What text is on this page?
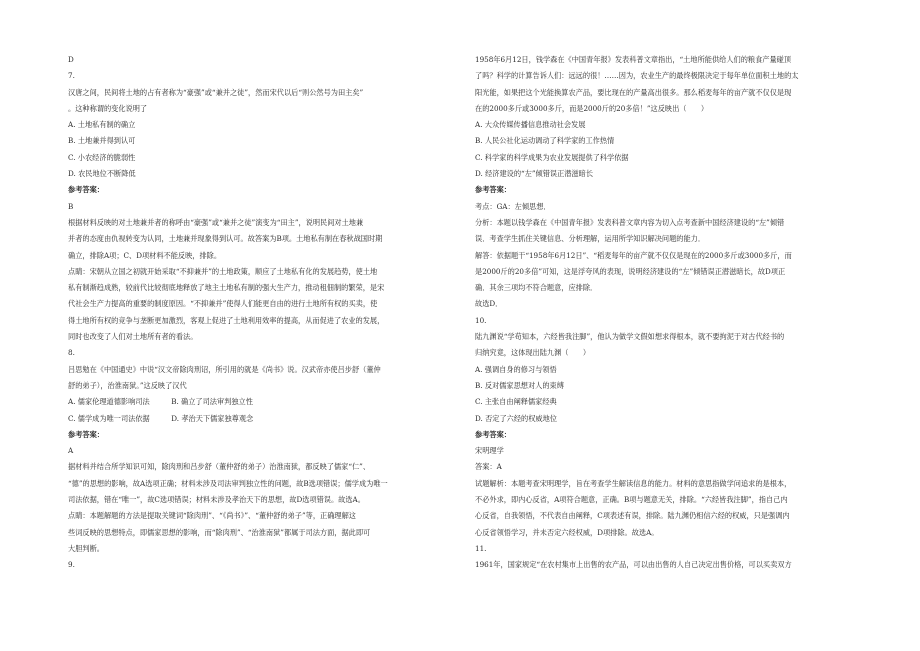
D

7.

汉唐之间，民间将土地的占有者称为“豪强”或“兼并之徒”，然而宋代以后“则公然号为田主矣”

。这种称谓的变化说明了

A. 土地私有制的确立

B. 土地兼并得到认可

C. 小农经济的脆弱性

D. 农民地位不断降低

参考答案：

B

根据材料反映的对土地兼并者的称呼由“豪强”或“兼并之徒”演变为“田主”，说明民间对土地兼

并者的态度由仇视转变为认同，土地兼并现象得到认可。故答案为B项。土地私有制在春秋战国时期

确立，排除A项；C、D项材料不能反映，排除。

点睛：宋朝从立国之初就开始采取“不抑兼并”的土地政策，顺应了土地私有化的发展趋势，使土地

私有制渐趋成熟，较前代比较彻底地释放了地主土地私有制的强大生产力，推动租佃制的繁荣，是宋

代社会生产力提高的重要的制度原因。“不抑兼并”使得人们能更自由的进行土地所有权的买卖，使

得土地所有权的竞争与垄断更加激烈，客观上促进了土地利用效率的提高，从而促进了农业的发展，

同时也改变了人们对土地所有者的看法。

8.

吕思勉在《中国通史》中说“汉文帝除肉刑诏，所引用的就是《尚书》说。汉武帝亦使吕步舒（董仲

舒的弟子），治淮南狱。”这反映了汉代

A. 儒家伦理道德影响司法　　　B. 确立了司法审判独立性

C. 儒学成为唯一司法依据　　　D. 孝治天下儒家独尊观念

参考答案：

A

据材料并结合所学知识可知，除肉刑和吕步舒（董仲舒的弟子）治淮南狱，都反映了儒家“仁”、

“德”的思想的影响，故A选项正确；材料未涉及司法审判独立性的问题，故B选项错误；儒学成为唯一

司法依据，错在“唯一”，故C选项错误；材料未涉及孝治天下的思想，故D选项错误。故选A。

点睛：本题解题的方法是提取关键词“除肉刑”、“《尚书》”、“董仲舒的弟子”等，正确理解这

些词反映的思想特点，即儒家思想的影响，而“除肉刑”、“治淮南狱”都属于司法方面，据此即可

大胆判断。

9.

1958年6月12日，钱学森在《中国青年报》发表科普文章指出，“土地所能供给人们的粮食产量碰顶

了吗？科学的计算告诉人们：远远的很！……因为，农业生产的最终极限决定于每年单位面积土地的太

阳光能，如果把这个光能换算农产品，要比现在的产量高出很多。那么稻麦每年的亩产就不仅仅是现

在的2000多斤或3000多斤，而是2000斤的20多倍！”这反映出（　　）

A. 大众传媒传播信息推动社会发展

B. 人民公社化运动调动了科学家的工作热情

C. 科学家的科学成果为农业发展提供了科学依据

D. 经济建设的“左”倾错误正潜滋暗长

参考答案：

考点：GA：左倾思想．

分析：本题以钱学森在《中国青年报》发表科普文章内容为切入点考查新中国经济建设的“左”倾错

误．考查学生抓住关键信息、分析理解，运用所学知识解决问题的能力．

解答：依据题干“1958年6月12日”、“稻麦每年的亩产就不仅仅是现在的2000多斤或3000多斤，而

是2000斤的20多倍”可知，这是浮夸风的表现，说明经济建设的“左”倾错误正潜滋暗长，故D项正

确．其余三项均不符合题意，应排除．

故选D．

10.

陆九渊说“学苟知本，六经皆我注脚”，他认为做学文假如想求得根本，就不要拘泥于对古代经书的

归纳究竟，这体现出陆九渊（　　）

A. 强调自身的修习与领悟

B. 反对儒家思想对人的束缚

C. 主张自由阐释儒家经典

D. 否定了六经的权威地位

参考答案：

宋明理学

答案：A

试题解析：本题考查宋明理学，旨在考查学生解读信息的能力。材料的意思指做学问追求的是根本，

不必外求，即内心反省，A项符合题意，正确。B项与题意无关，排除。“六经皆我注脚”，指自己内

心反省，自我领悟，不代表自由阐释，C项表述有误，排除。陆九渊仍相信六经的权威，只是强调内

心反省领悟学习，并未否定六经权威，D项排除。故选A。

11.

1961年，国家规定“在农村集市上出售的农产品，可以由出售的人自己决定出售价格，可以买卖双方
